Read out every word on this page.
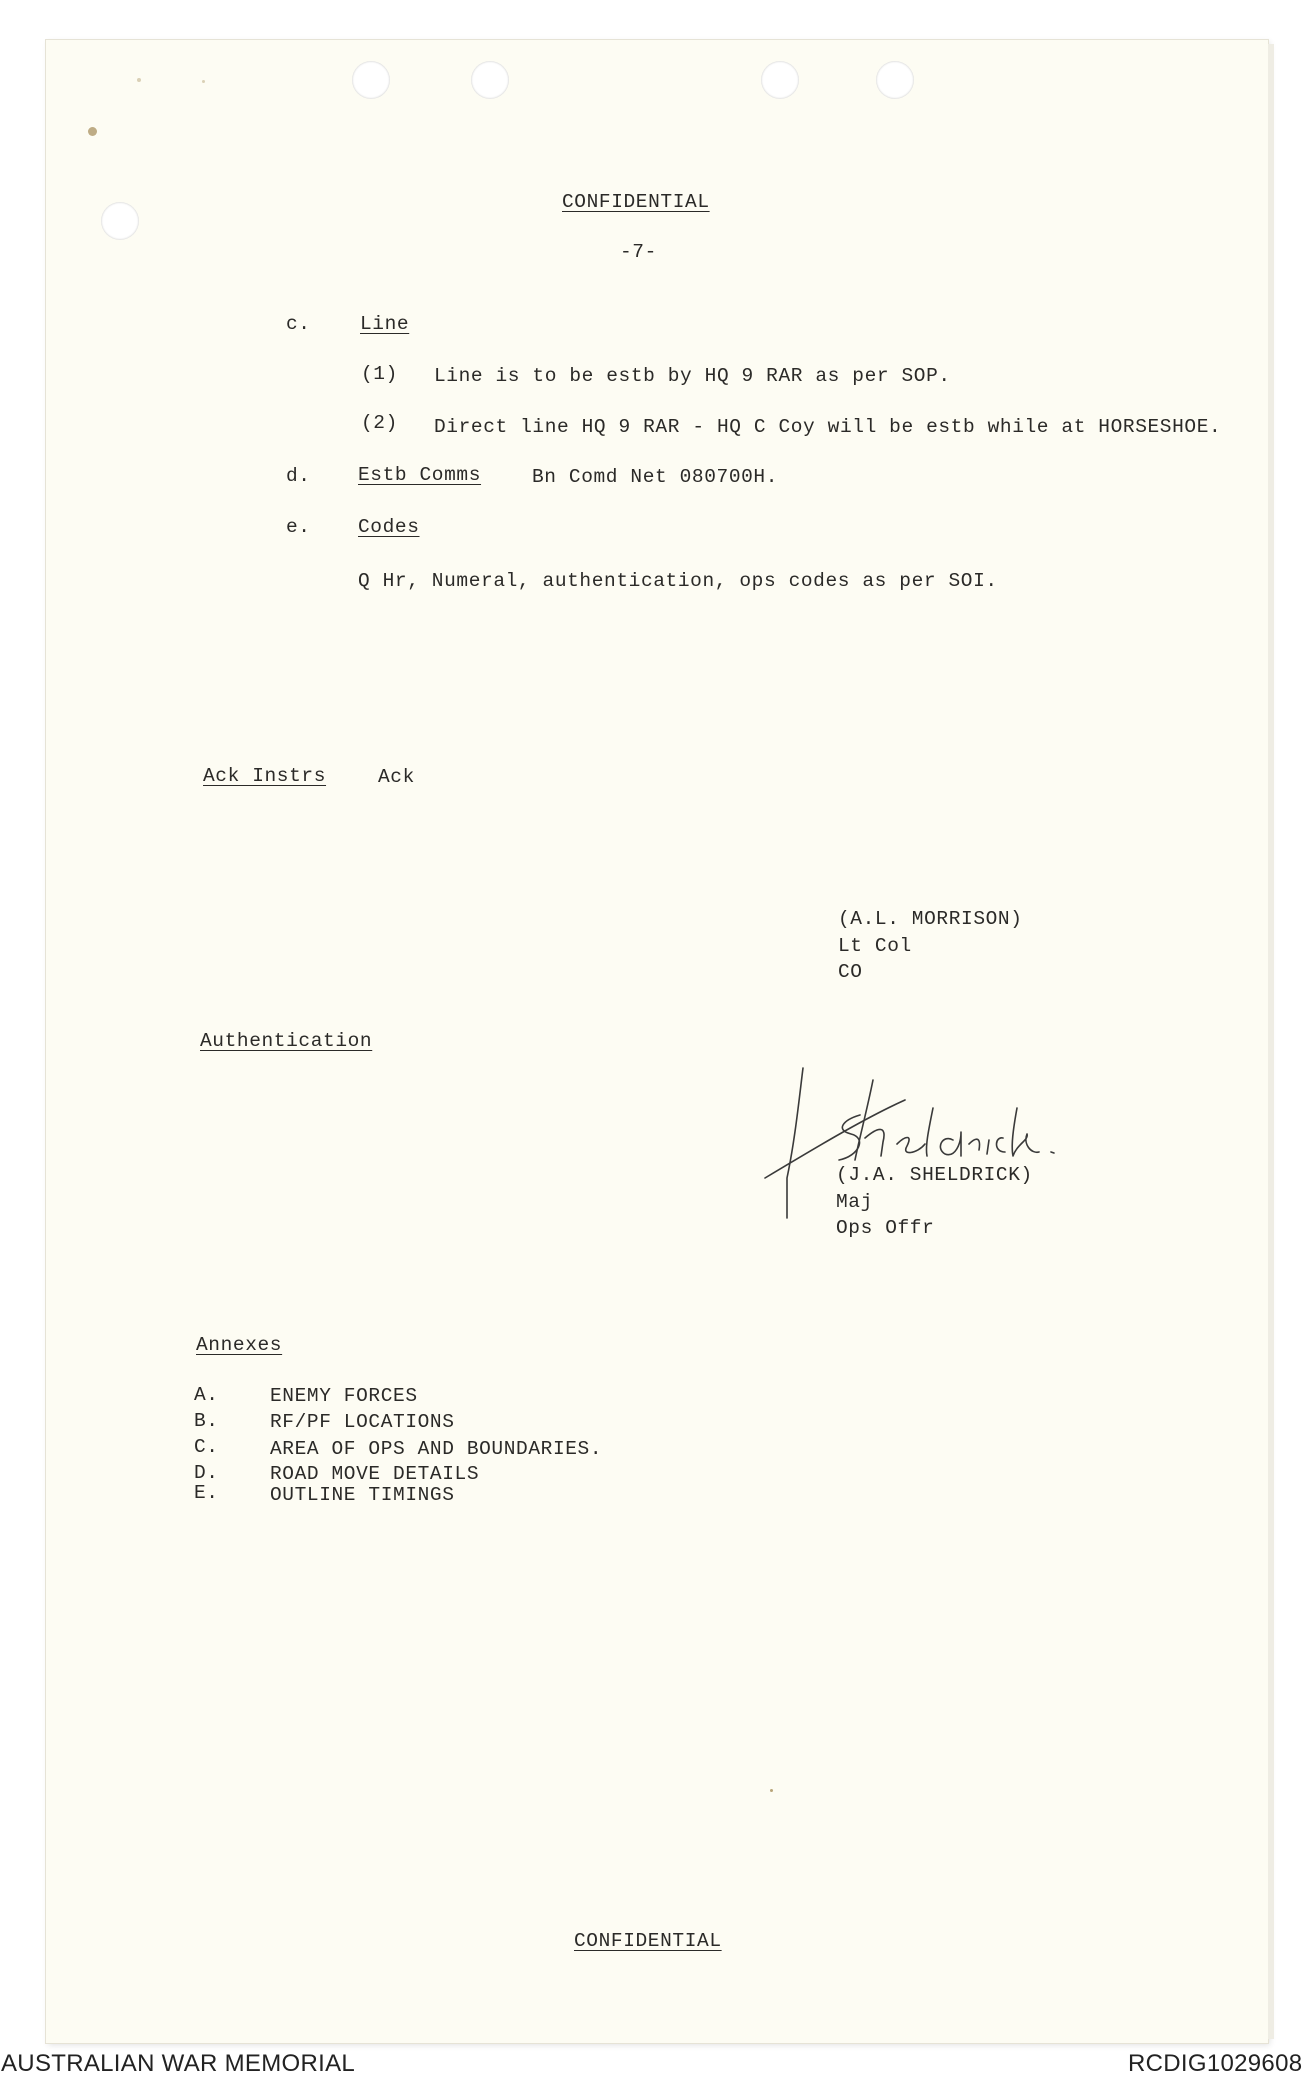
CONFIDENTIAL
-7-
c.	Line
(1) Line is to be estb by HQ 9 RAR as per SOP.
(2) Direct line HQ 9 RAR - HQ C Coy will be estb while at HORSESHOE.
d. Estb Comms	Bn Comd Net 080700H.
e. Codes
Q Hr, Numeral, authentication, ops codes as per SOI.
Ack Instrs	Ack
(A.L. MORRISON)
Lt Col
CO
Authentication
(J.A. SHELDRICK)
Maj
Ops Offr
Annexes
A.	ENEMY FORCES
B.	RF/PF LOCATIONS
C.	AREA OF OPS AND BOUNDARIES.
D.	ROAD MOVE DETAILS
E.	OUTLINE TIMINGS
CONFIDENTIAL
AUSTRALIAN WAR MEMORIAL	RCDIG1029608
